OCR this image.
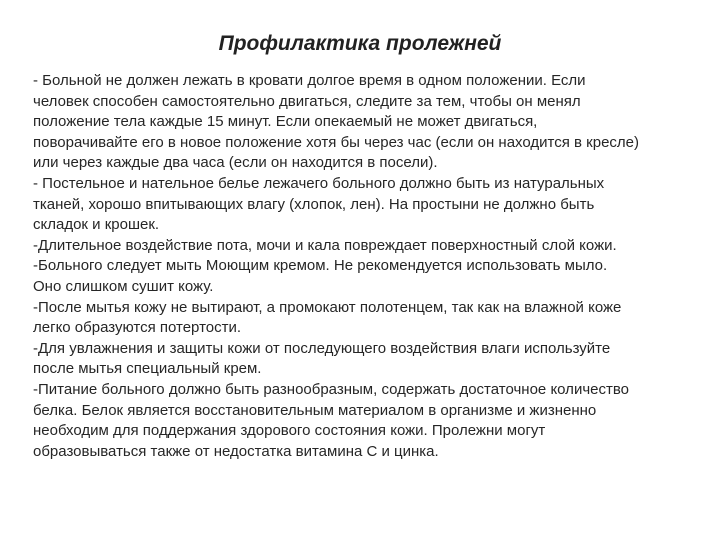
Профилактика пролежней
- Больной не должен лежать в кровати долгое время в одном положении. Если
человек способен самостоятельно двигаться, следите за тем, чтобы он менял
положение тела каждые 15 минут. Если опекаемый не может двигаться,
поворачивайте его в новое положение хотя бы через час (если он находится в кресле)
или через каждые два часа (если он находится в посели).
- Постельное и нательное белье лежачего больного должно быть из натуральных
тканей, хорошо впитывающих влагу (хлопок, лен). На простыни не должно быть
складок и крошек.
-Длительное воздействие пота, мочи и кала повреждает поверхностный слой кожи.
-Больного следует мыть Моющим кремом. Не рекомендуется использовать мыло.
Оно слишком сушит кожу.
-После мытья кожу не вытирают, а промокают полотенцем, так как на влажной коже
легко образуются потертости.
-Для увлажнения и защиты кожи от последующего воздействия влаги используйте
после мытья специальный крем.
-Питание больного должно быть разнообразным, содержать достаточное количество
белка. Белок является восстановительным материалом в организме и жизненно
необходим для поддержания здорового состояния кожи. Пролежни могут
образовываться также от недостатка витамина С и цинка.
